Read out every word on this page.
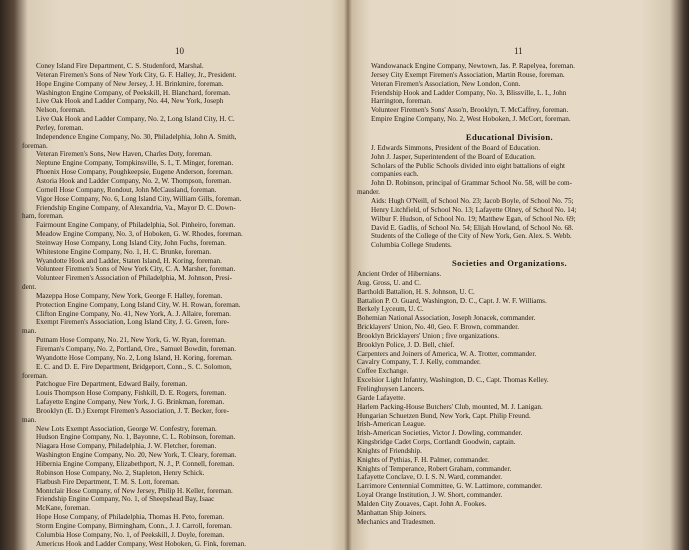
10
Coney Island Fire Department, C. S. Studenford, Marshal.
Veteran Firemen's Sons of New York City, G. F. Halley, Jr., President.
Hope Engine Company of New Jersey, J. H. Brinkmire, foreman.
Washington Engine Company, of Peekskill, H. Blanchard, foreman.
Live Oak Hook and Ladder Company, No. 44, New York, Joseph
Nelson, foreman.
Live Oak Hook and Ladder Company, No. 2, Long Island City, H. C.
Perley, foreman.
Independence Engine Company, No. 30, Philadelphia, John A. Smith,
foreman.
Veteran Firemen's Sons, New Haven, Charles Doty, foreman.
Neptune Engine Company, Tompkinsville, S. I., T. Minger, foreman.
Phoenix Hose Company, Poughkeepsie, Eugene Anderson, foreman.
Astoria Hook and Ladder Company, No. 2, W. Thompson, foreman.
Cornell Hose Company, Rondout, John McCausland, foreman.
Vigor Hose Company, No. 6, Long Island City, William Gills, foreman.
Friendship Engine Company, of Alexandria, Va., Mayor D. C. Down-
ham, foreman.
Fairmount Engine Company, of Philadelphia, Sol. Pinheiro, foreman.
Meadow Engine Company, No. 3, of Hoboken, G. W. Rhodes, foreman.
Steinway Hose Company, Long Island City, John Fuchs, foreman.
Whitestone Engine Company, No. 1, H. C. Brunke, foreman.
Wyandotte Hook and Ladder, Staten Island, H. Koring, foreman.
Volunteer Firemen's Sons of New York City, C. A. Marsher, foreman.
Volunteer Firemen's Association of Philadelphia, M. Johnson, Presi-
dent.
Mazeppa Hose Company, New York, George F. Halley, foreman.
Protection Engine Company, Long Island City, W. H. Rowan, foreman.
Clifton Engine Company, No. 41, New York, A. J. Allaire, foreman.
Exempt Firemen's Association, Long Island City, J. G. Green, fore-
man.
Putnam Hose Company, No. 21, New York, G. W. Ryan, foreman.
Fireman's Company, No. 2, Portland, Ore., Samuel Bowdin, foreman.
Wyandotte Hose Company, No. 2, Long Island, H. Koring, foreman.
E. C. and D. E. Fire Department, Bridgeport, Conn., S. C. Solomon,
foreman.
Patchogue Fire Department, Edward Baily, foreman.
Louis Thompson Hose Company, Fishkill, D. E. Rogers, foreman.
Lafayette Engine Company, New York, J. G. Brinkman, foreman.
Brooklyn (E. D.) Exempt Firemen's Association, J. T. Becker, fore-
man.
New Lots Exempt Association, George W. Confestry, foreman.
Hudson Engine Company, No. 1, Bayonne, C. L. Robinson, foreman.
Niagara Hose Company, Philadelphia, J. W. Fletcher, foreman.
Washington Engine Company, No. 20, New York, T. Cleary, foreman.
Hibernia Engine Company, Elizabethport, N. J., P. Connell, foreman.
Robinson Hose Company, No. 2, Stapleton, Henry Schick.
Flatbush Fire Department, T. M. S. Lott, foreman.
Montclair Hose Company, of New Jersey, Philip H. Keller, foreman.
Friendship Engine Company, No. 1, of Sheepshead Bay, Isaac
McKane, foreman.
Hope Hose Company, of Philadelphia, Thomas H. Peto, foreman.
Storm Engine Company, Birmingham, Conn., J. J. Carroll, foreman.
Columbia Hose Company, No. 1, of Peekskill, J. Doyle, foreman.
Americus Hook and Ladder Company, West Hoboken, G. Fink, foreman.
11
Wandowanack Engine Company, Newtown, Jas. P. Rapelyea, foreman.
Jersey City Exempt Firemen's Association, Martin Rouse, foreman.
Veteran Firemen's Association, New London, Conn.
Friendship Hook and Ladder Company, No. 3, Blissville, L. I., John
Harrington, foreman.
Volunteer Firemen's Sons' Asso'n, Brooklyn, T. McCaffrey, foreman.
Empire Engine Company, No. 2, West Hoboken, J. McCort, foreman.
Educational Division.
J. Edwards Simmons, President of the Board of Education.
John J. Jasper, Superintendent of the Board of Education.
Scholars of the Public Schools divided into eight battalions of eight
companies each.
John D. Robinson, principal of Grammar School No. 58, will be com-
mander.
Aids: Hugh O'Neill, of School No. 23; Jacob Boyle, of School No. 75;
Henry Litchfield, of School No. 13; Lafayette Olney, of School No. 14;
Wilbur F. Hudson, of School No. 19; Matthew Egan, of School No. 69;
David E. Gadlis, of School No. 54; Elijah Howland, of School No. 68.
Students of the College of the City of New York, Gen. Alex. S. Webb.
Columbia College Students.
Societies and Organizations.
Ancient Order of Hibernians.
Aug. Gross, U. and C.
Bartholdi Battalion, H. S. Johnson, U. C.
Battalion P. O. Guard, Washington, D. C., Capt. J. W. F. Williams.
Berkely Lyceum, U. C.
Bohemian National Association, Joseph Jonacek, commander.
Bricklayers' Union, No. 40, Geo. F. Brown, commander.
Brooklyn Bricklayers' Union ; five organizations.
Brooklyn Police, J. D. Bell, chief.
Carpenters and Joiners of America, W. A. Trotter, commander.
Cavalry Company, T. J. Kelly, commander.
Coffee Exchange.
Excelsior Light Infantry, Washington, D. C., Capt. Thomas Kelley.
Frelinghuysen Lancers.
Garde Lafayette.
Harlem Packing-House Butchers' Club, mounted, M. J. Lanigan.
Hungarian Schuetzen Bund, New York, Capt. Philip Freund.
Irish-American League.
Irish-American Societies, Victor J. Dowling, commander.
Kingsbridge Cadet Corps, Cortlandt Goodwin, captain.
Knights of Friendship.
Knights of Pythias, F. H. Palmer, commander.
Knights of Temperance, Robert Graham, commander.
Lafayette Conclave, O. I. S. N. Ward, commander.
Larrimore Centennial Committee, G. W. Lattimore, commander.
Loyal Orange Institution, J. W. Short, commander.
Malden City Zouaves, Capt. John A. Fookes.
Manhattan Ship Joiners.
Mechanics and Tradesmen.
